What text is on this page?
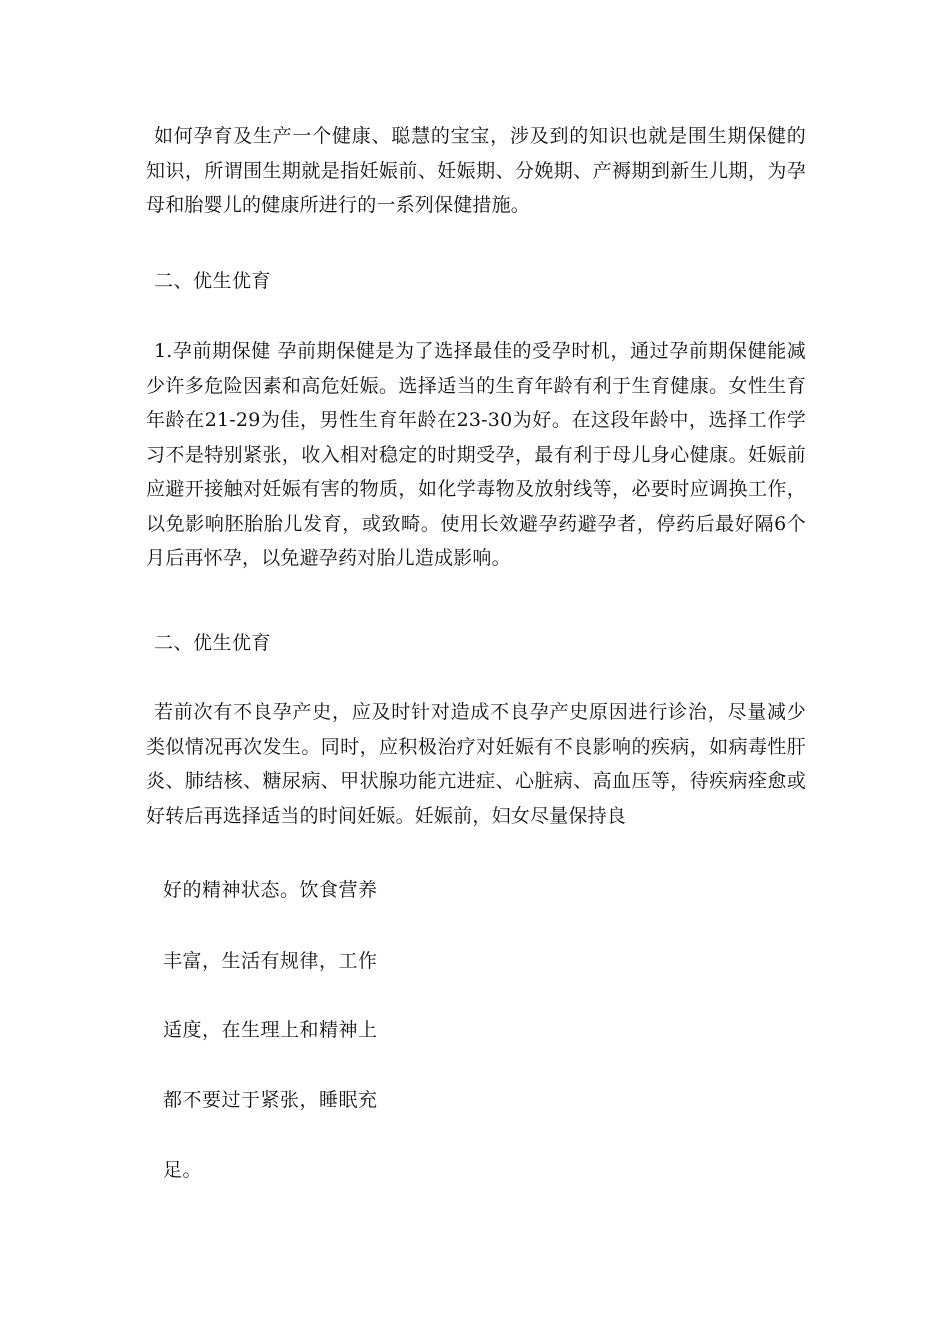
如何孕育及生产一个健康、聪慧的宝宝，涉及到的知识也就是围生期保健的知识，所谓围生期就是指妊娠前、妊娠期、分娩期、产褥期到新生儿期，为孕母和胎婴儿的健康所进行的一系列保健措施。

二、优生优育

1.孕前期保健 孕前期保健是为了选择最佳的受孕时机，通过孕前期保健能减少许多危险因素和高危妊娠。选择适当的生育年龄有利于生育健康。女性生育年龄在21-29为佳，男性生育年龄在23-30为好。在这段年龄中，选择工作学习不是特别紧张，收入相对稳定的时期受孕，最有利于母儿身心健康。妊娠前应避开接触对妊娠有害的物质，如化学毒物及放射线等，必要时应调换工作，以免影响胚胎胎儿发育，或致畸。使用长效避孕药避孕者，停药后最好隔6个月后再怀孕，以免避孕药对胎儿造成影响。

二、优生优育

若前次有不良孕产史，应及时针对造成不良孕产史原因进行诊治，尽量减少类似情况再次发生。同时，应积极治疗对妊娠有不良影响的疾病，如病毒性肝炎、肺结核、糖尿病、甲状腺功能亢进症、心脏病、高血压等，待疾病痊愈或好转后再选择适当的时间妊娠。妊娠前，妇女尽量保持良

好的精神状态。饮食营养
丰富，生活有规律，工作
适度，在生理上和精神上
都不要过于紧张，睡眠充
足。
